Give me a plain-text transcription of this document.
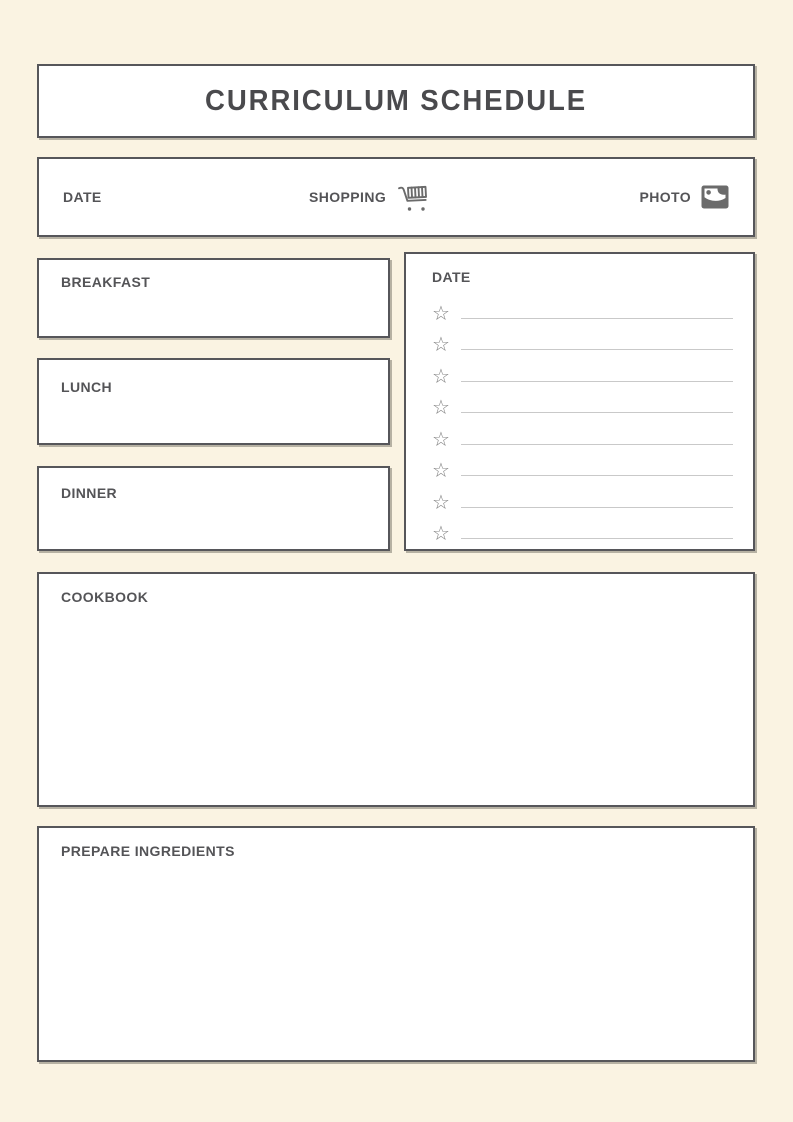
CURRICULUM SCHEDULE
DATE	SHOPPING	PHOTO
BREAKFAST
LUNCH
DINNER
DATE
☆
☆
☆
☆
☆
☆
☆
☆
COOKBOOK
PREPARE INGREDIENTS
